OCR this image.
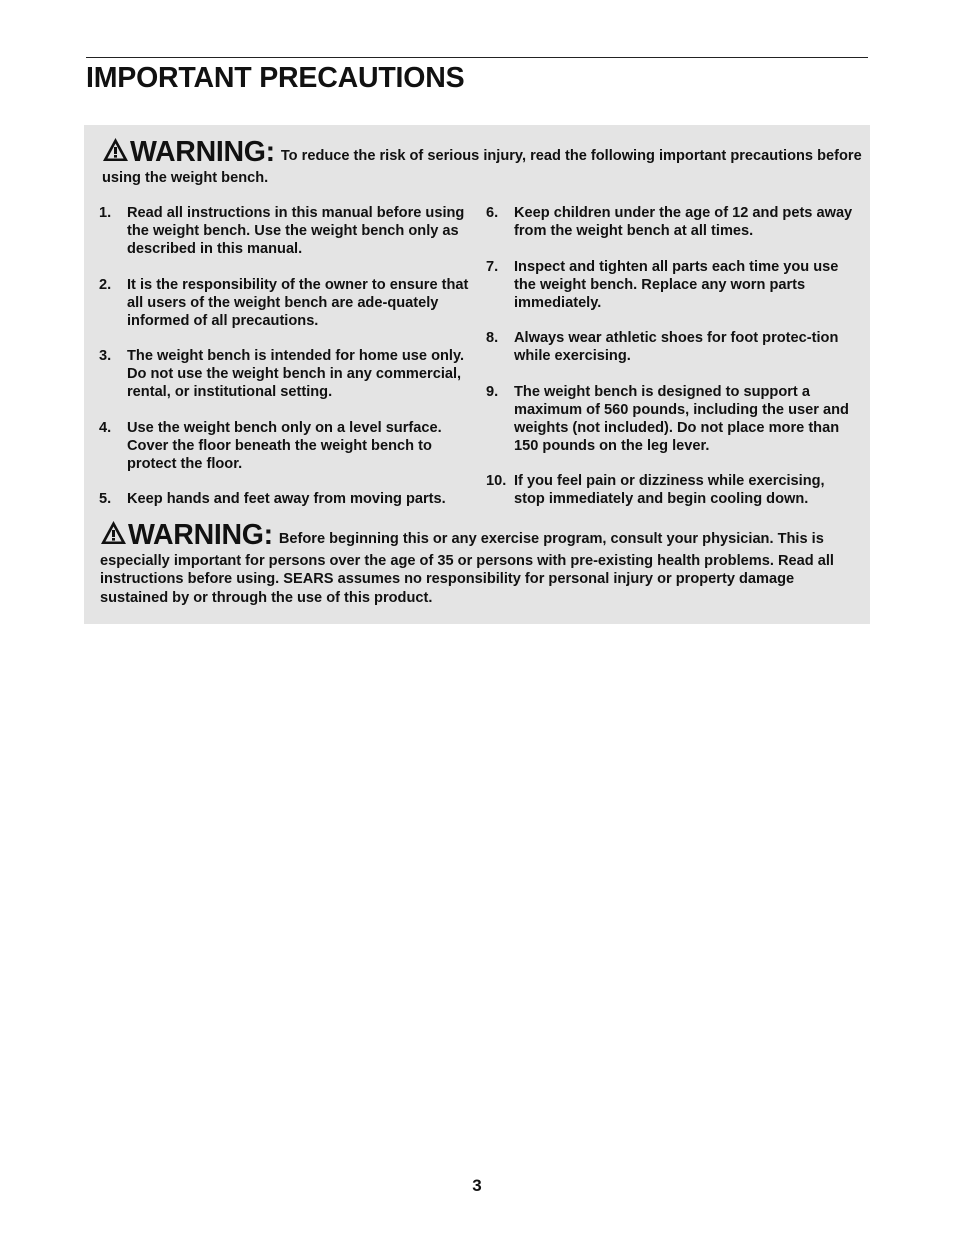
IMPORTANT PRECAUTIONS
WARNING: To reduce the risk of serious injury, read the following important precautions before using the weight bench.
1.	Read all instructions in this manual before using the weight bench. Use the weight bench only as described in this manual.
2.	It is the responsibility of the owner to ensure that all users of the weight bench are ade-quately informed of all precautions.
3.	The weight bench is intended for home use only. Do not use the weight bench in any commercial, rental, or institutional setting.
4.	Use the weight bench only on a level surface. Cover the floor beneath the weight bench to protect the floor.
5.	Keep hands and feet away from moving parts.
6.	Keep children under the age of 12 and pets away from the weight bench at all times.
7.	Inspect and tighten all parts each time you use the weight bench. Replace any worn parts immediately.
8.	Always wear athletic shoes for foot protec-tion while exercising.
9.	The weight bench is designed to support a maximum of 560 pounds, including the user and weights (not included). Do not place more than 150 pounds on the leg lever.
10. If you feel pain or dizziness while exercising, stop immediately and begin cooling down.
WARNING: Before beginning this or any exercise program, consult your physician. This is especially important for persons over the age of 35 or persons with pre-existing health problems. Read all instructions before using. SEARS assumes no responsibility for personal injury or property damage sustained by or through the use of this product.
3
